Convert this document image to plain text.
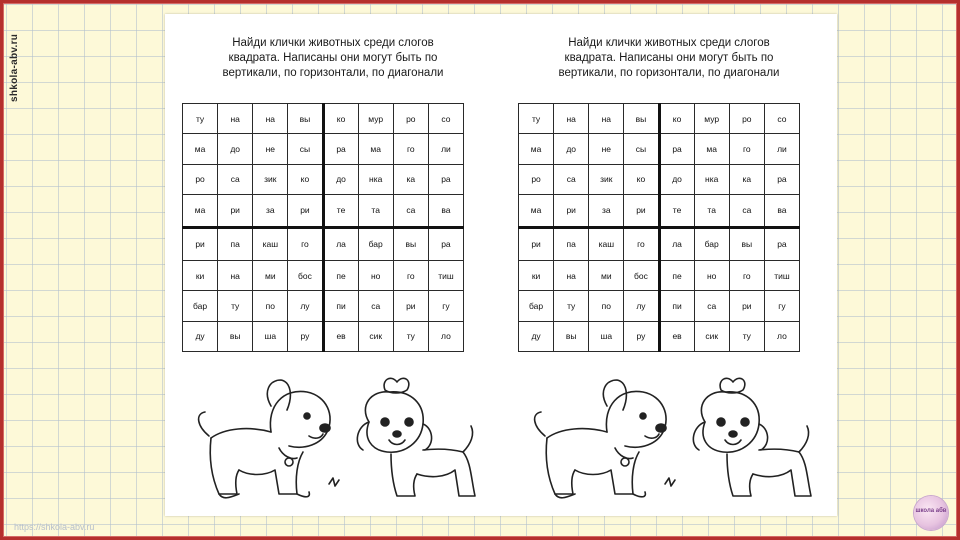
shkola-abv.ru
https://shkola-abv.ru
Найди клички животных среди слогов
квадрата. Написаны они могут быть по
вертикали, по горизонтали, по диагонали
ту	на	на	вы	ко	мур	ро	со
ма	до	не	сы	ра	ма	го	ли
ро	са	зик	ко	до	нка	ка	ра
ма	ри	за	ри	те	та	са	ва
ри	па	каш	го	ла	бар	вы	ра
ки	на	ми	бос	пе	но	го	тиш
бар	ту	по	лу	пи	са	ри	гу
ду	вы	ша	ру	ев	сик	ту	ло
Найди клички животных среди слогов
квадрата. Написаны они могут быть по
вертикали, по горизонтали, по диагонали
ту	на	на	вы	ко	мур	ро	со
ма	до	не	сы	ра	ма	го	ли
ро	са	зик	ко	до	нка	ка	ра
ма	ри	за	ри	те	та	са	ва
ри	па	каш	го	ла	бар	вы	ра
ки	на	ми	бос	пе	но	го	тиш
бар	ту	по	лу	пи	са	ри	гу
ду	вы	ша	ру	ев	сик	ту	ло
школа абв
